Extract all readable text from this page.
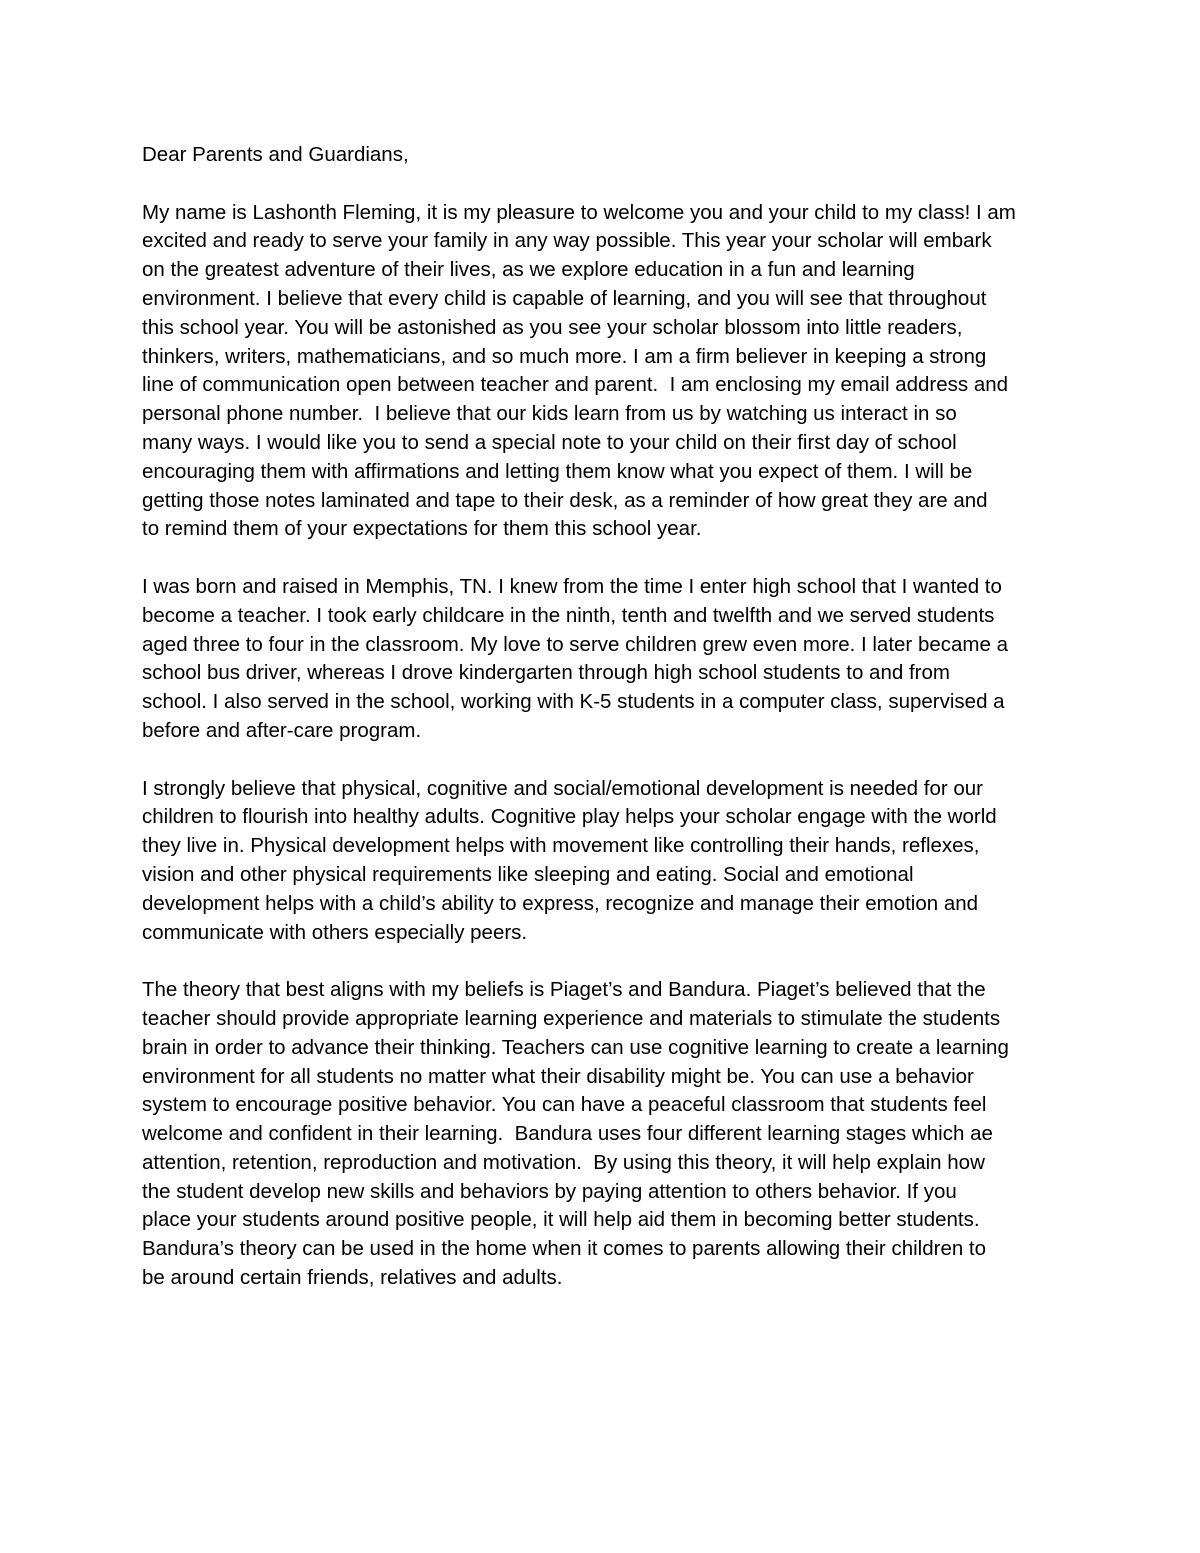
Dear Parents and Guardians,
My name is Lashonth Fleming, it is my pleasure to welcome you and your child to my class! I am
excited and ready to serve your family in any way possible. This year your scholar will embark
on the greatest adventure of their lives, as we explore education in a fun and learning
environment. I believe that every child is capable of learning, and you will see that throughout
this school year. You will be astonished as you see your scholar blossom into little readers,
thinkers, writers, mathematicians, and so much more. I am a firm believer in keeping a strong
line of communication open between teacher and parent.  I am enclosing my email address and
personal phone number.  I believe that our kids learn from us by watching us interact in so
many ways. I would like you to send a special note to your child on their first day of school
encouraging them with affirmations and letting them know what you expect of them. I will be
getting those notes laminated and tape to their desk, as a reminder of how great they are and
to remind them of your expectations for them this school year.
I was born and raised in Memphis, TN. I knew from the time I enter high school that I wanted to
become a teacher. I took early childcare in the ninth, tenth and twelfth and we served students
aged three to four in the classroom. My love to serve children grew even more. I later became a
school bus driver, whereas I drove kindergarten through high school students to and from
school. I also served in the school, working with K-5 students in a computer class, supervised a
before and after-care program.
I strongly believe that physical, cognitive and social/emotional development is needed for our
children to flourish into healthy adults. Cognitive play helps your scholar engage with the world
they live in. Physical development helps with movement like controlling their hands, reflexes,
vision and other physical requirements like sleeping and eating. Social and emotional
development helps with a child’s ability to express, recognize and manage their emotion and
communicate with others especially peers.
The theory that best aligns with my beliefs is Piaget’s and Bandura. Piaget’s believed that the
teacher should provide appropriate learning experience and materials to stimulate the students
brain in order to advance their thinking. Teachers can use cognitive learning to create a learning
environment for all students no matter what their disability might be. You can use a behavior
system to encourage positive behavior. You can have a peaceful classroom that students feel
welcome and confident in their learning.  Bandura uses four different learning stages which ae
attention, retention, reproduction and motivation.  By using this theory, it will help explain how
the student develop new skills and behaviors by paying attention to others behavior. If you
place your students around positive people, it will help aid them in becoming better students.
Bandura’s theory can be used in the home when it comes to parents allowing their children to
be around certain friends, relatives and adults.
